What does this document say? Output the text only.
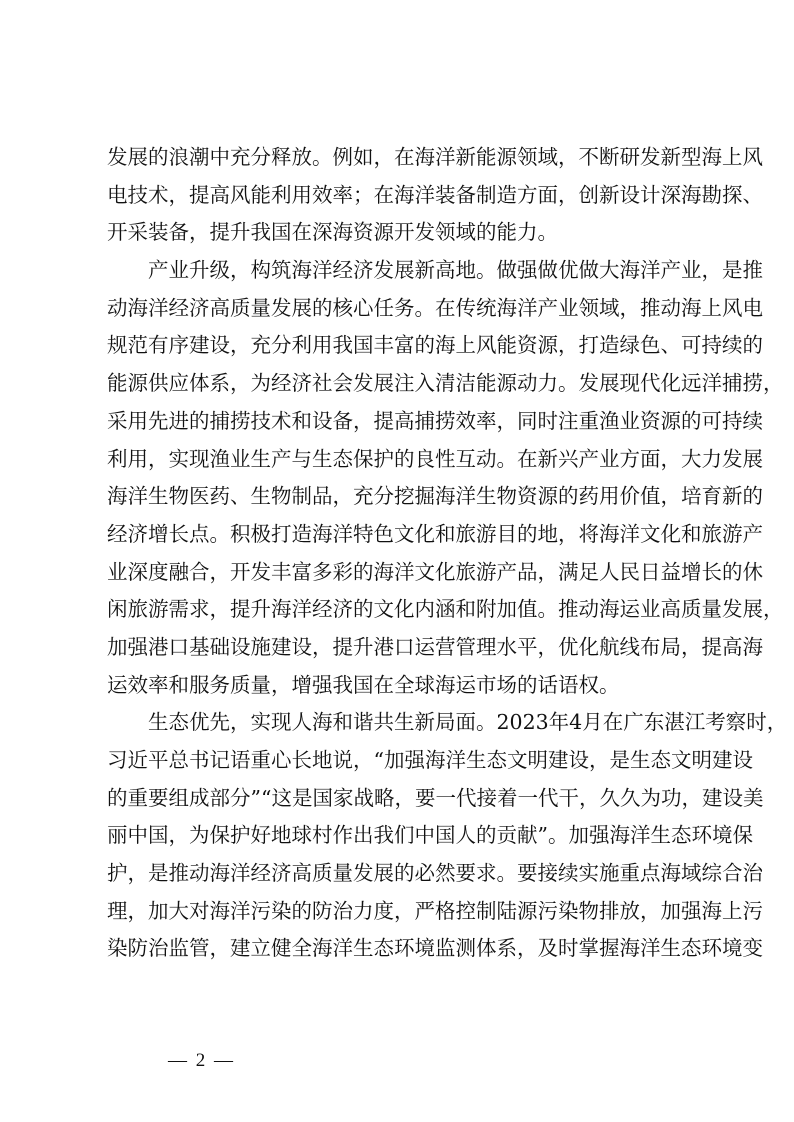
发展的浪潮中充分释放。例如，在海洋新能源领域，不断研发新型海上风
电技术，提高风能利用效率；在海洋装备制造方面，创新设计深海勘探、
开采装备，提升我国在深海资源开发领域的能力。
产业升级，构筑海洋经济发展新高地。做强做优做大海洋产业，是推
动海洋经济高质量发展的核心任务。在传统海洋产业领域，推动海上风电
规范有序建设，充分利用我国丰富的海上风能资源，打造绿色、可持续的
能源供应体系，为经济社会发展注入清洁能源动力。发展现代化远洋捕捞，
采用先进的捕捞技术和设备，提高捕捞效率，同时注重渔业资源的可持续
利用，实现渔业生产与生态保护的良性互动。在新兴产业方面，大力发展
海洋生物医药、生物制品，充分挖掘海洋生物资源的药用价值，培育新的
经济增长点。积极打造海洋特色文化和旅游目的地，将海洋文化和旅游产
业深度融合，开发丰富多彩的海洋文化旅游产品，满足人民日益增长的休
闲旅游需求，提升海洋经济的文化内涵和附加值。推动海运业高质量发展，
加强港口基础设施建设，提升港口运营管理水平，优化航线布局，提高海
运效率和服务质量，增强我国在全球海运市场的话语权。
生态优先，实现人海和谐共生新局面。2023年4月在广东湛江考察时，
习近平总书记语重心长地说，“加强海洋生态文明建设，是生态文明建设
的重要组成部分”“这是国家战略，要一代接着一代干，久久为功，建设美
丽中国，为保护好地球村作出我们中国人的贡献”。加强海洋生态环境保
护，是推动海洋经济高质量发展的必然要求。要接续实施重点海域综合治
理，加大对海洋污染的防治力度，严格控制陆源污染物排放，加强海上污
染防治监管，建立健全海洋生态环境监测体系，及时掌握海洋生态环境变
— 2 —
